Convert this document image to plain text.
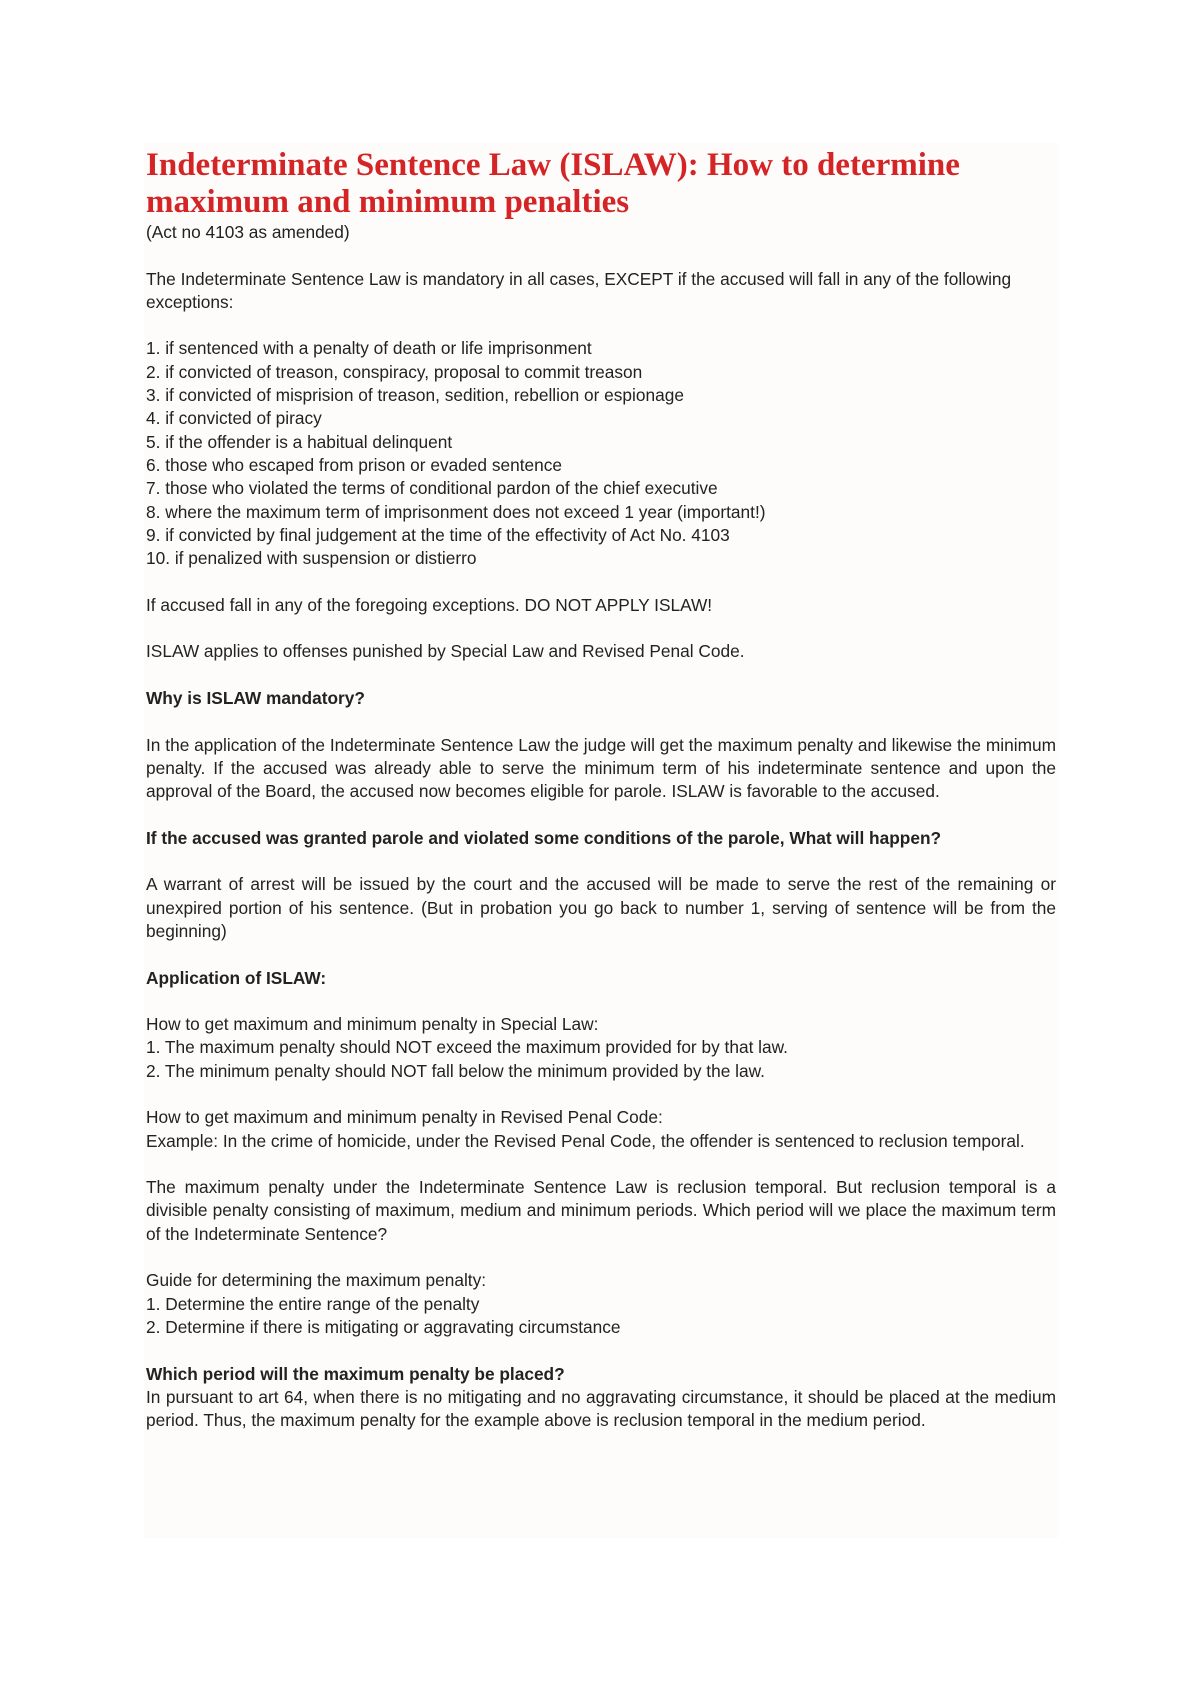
Indeterminate Sentence Law (ISLAW): How to determine maximum and minimum penalties

(Act no 4103 as amended)

The Indeterminate Sentence Law is mandatory in all cases, EXCEPT if the accused will fall in any of the following exceptions:

1. if sentenced with a penalty of death or life imprisonment
2. if convicted of treason, conspiracy, proposal to commit treason
3. if convicted of misprision of treason, sedition, rebellion or espionage
4. if convicted of piracy
5. if the offender is a habitual delinquent
6. those who escaped from prison or evaded sentence
7. those who violated the terms of conditional pardon of the chief executive
8. where the maximum term of imprisonment does not exceed 1 year (important!)
9. if convicted by final judgement at the time of the effectivity of Act No. 4103
10. if penalized with suspension or distierro

If accused fall in any of the foregoing exceptions. DO NOT APPLY ISLAW!

ISLAW applies to offenses punished by Special Law and Revised Penal Code.

Why is ISLAW mandatory?

In the application of the Indeterminate Sentence Law the judge will get the maximum penalty and likewise the minimum penalty. If the accused was already able to serve the minimum term of his indeterminate sentence and upon the approval of the Board, the accused now becomes eligible for parole. ISLAW is favorable to the accused.

If the accused was granted parole and violated some conditions of the parole, What will happen?

A warrant of arrest will be issued by the court and the accused will be made to serve the rest of the remaining or unexpired portion of his sentence. (But in probation you go back to number 1, serving of sentence will be from the beginning)

Application of ISLAW:

How to get maximum and minimum penalty in Special Law:
1. The maximum penalty should NOT exceed the maximum provided for by that law.
2. The minimum penalty should NOT fall below the minimum provided by the law.
How to get maximum and minimum penalty in Revised Penal Code:
Example: In the crime of homicide, under the Revised Penal Code, the offender is sentenced to reclusion temporal.

The maximum penalty under the Indeterminate Sentence Law is reclusion temporal. But reclusion temporal is a divisible penalty consisting of maximum, medium and minimum periods. Which period will we place the maximum term of the Indeterminate Sentence?

Guide for determining the maximum penalty:
1. Determine the entire range of the penalty
2. Determine if there is mitigating or aggravating circumstance

Which period will the maximum penalty be placed?

In pursuant to art 64, when there is no mitigating and no aggravating circumstance, it should be placed at the medium period. Thus, the maximum penalty for the example above is reclusion temporal in the medium period.
